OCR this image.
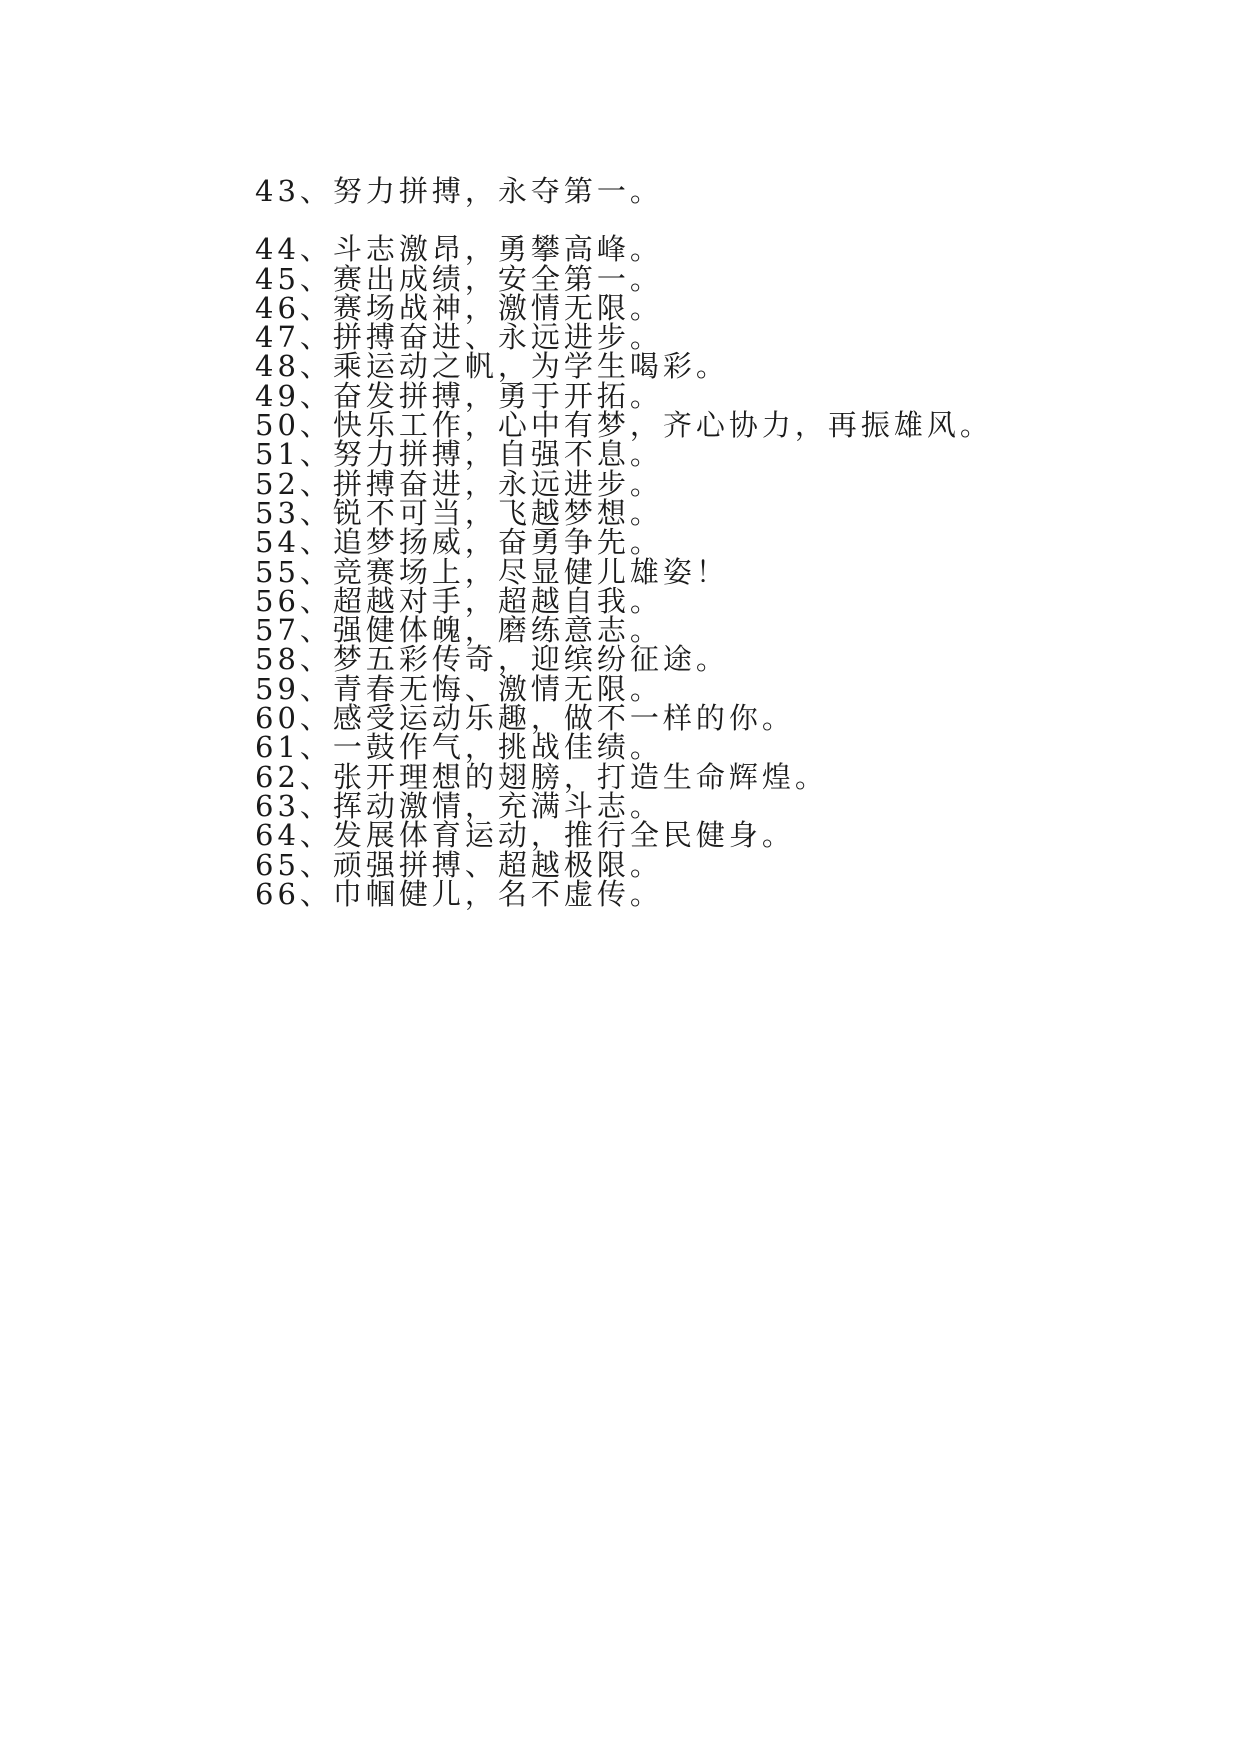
43、努力拼搏，永夺第一。
44、斗志激昂，勇攀高峰。
45、赛出成绩，安全第一。
46、赛场战神，激情无限。
47、拼搏奋进、永远进步。
48、乘运动之帆，为学生喝彩。
49、奋发拼搏，勇于开拓。
50、快乐工作，心中有梦，齐心协力，再振雄风。
51、努力拼搏，自强不息。
52、拼搏奋进，永远进步。
53、锐不可当，飞越梦想。
54、追梦扬威，奋勇争先。
55、竞赛场上，尽显健儿雄姿！
56、超越对手，超越自我。
57、强健体魄，磨练意志。
58、梦五彩传奇，迎缤纷征途。
59、青春无悔、激情无限。
60、感受运动乐趣，做不一样的你。
61、一鼓作气，挑战佳绩。
62、张开理想的翅膀，打造生命辉煌。
63、挥动激情，充满斗志。
64、发展体育运动，推行全民健身。
65、顽强拼搏、超越极限。
66、巾帼健儿，名不虚传。
